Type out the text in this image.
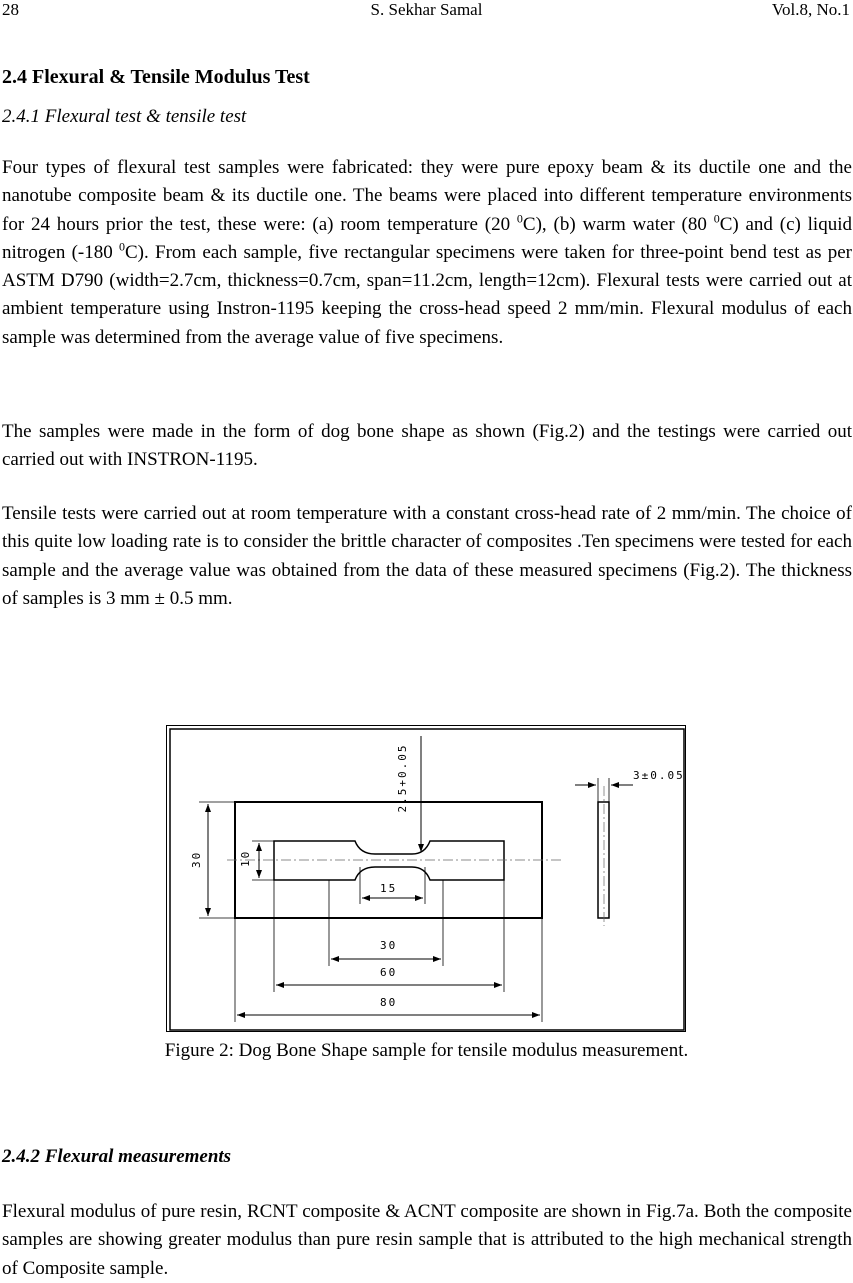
28	S. Sekhar Samal	Vol.8, No.1
2.4 Flexural & Tensile Modulus Test
2.4.1 Flexural test & tensile test

Four types of flexural test samples were fabricated: they were pure epoxy beam & its ductile one and the nanotube composite beam & its ductile one. The beams were placed into different temperature environments for 24 hours prior the test, these were: (a) room temperature (20 $^0$C), (b) warm water (80 $^0$C) and (c) liquid nitrogen (-180 $^0$C). From each sample, five rectangular specimens were taken for three-point bend test as per ASTM D790 (width=2.7cm, thickness=0.7cm, span=11.2cm, length=12cm). Flexural tests were carried out at ambient temperature using Instron-1195 keeping the cross-head speed 2 mm/min. Flexural modulus of each sample was determined from the average value of five specimens.

The samples were made in the form of dog bone shape as shown (Fig.2) and the testings were carried out carried out with INSTRON-1195.

Tensile tests were carried out at room temperature with a constant cross-head rate of 2 mm/min. The choice of this quite low loading rate is to consider the brittle character of composites .Ten specimens were tested for each sample and the average value was obtained from the data of these measured specimens (Fig.2). The thickness of samples is 3 mm ± 0.5 mm.

30	10
2.5+0.05
15
30
60
80
3±0.05
Figure 2: Dog Bone Shape sample for tensile modulus measurement.
2.4.2 Flexural measurements

Flexural modulus of pure resin, RCNT composite & ACNT composite are shown in Fig.7a. Both the composite samples are showing greater modulus than pure resin sample that is attributed to the high mechanical strength of Composite sample.
